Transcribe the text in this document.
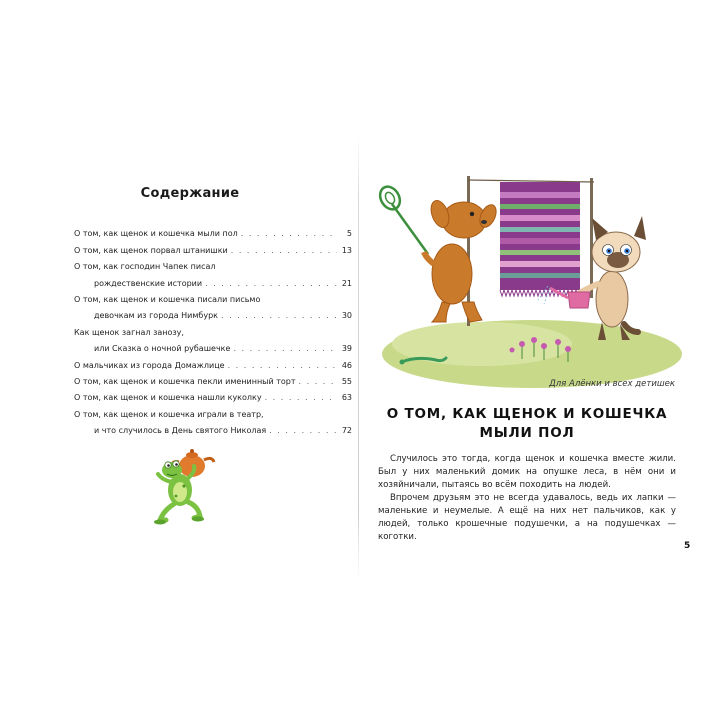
Содержание
О том, как щенок и кошечка мыли пол . . .	5
О том, как щенок порвал штанишки . . .	13
О том, как господин Чапек писал
рождественские истории . . .	21
О том, как щенок и кошечка писали письмо
девочкам из города Нимбурк . . .	30
Как щенок загнал занозу,
или Сказка о ночной рубашечке . . .	39
О мальчиках из города Домажлице . . .	46
О том, как щенок и кошечка пекли именинный торт . . .	55
О том, как щенок и кошечка нашли куколку . . .	63
О том, как щенок и кошечка играли в театр,
и что случилось в День святого Николая . . .	72
Для Алёнки и всех детишек
О ТОМ, КАК ЩЕНОК И КОШЕЧКА
МЫЛИ ПОЛ

Случилось это тогда, когда щенок и кошечка вместе жили. Был у них маленький домик на опушке леса, в нём они и хозяйничали, пытаясь во всём походить на людей.

Впрочем друзьям это не всегда удавалось, ведь их лапки — маленькие и неумелые. А ещё на них нет пальчиков, как у людей, только крошечные подушечки, а на подушечках — коготки.

5
